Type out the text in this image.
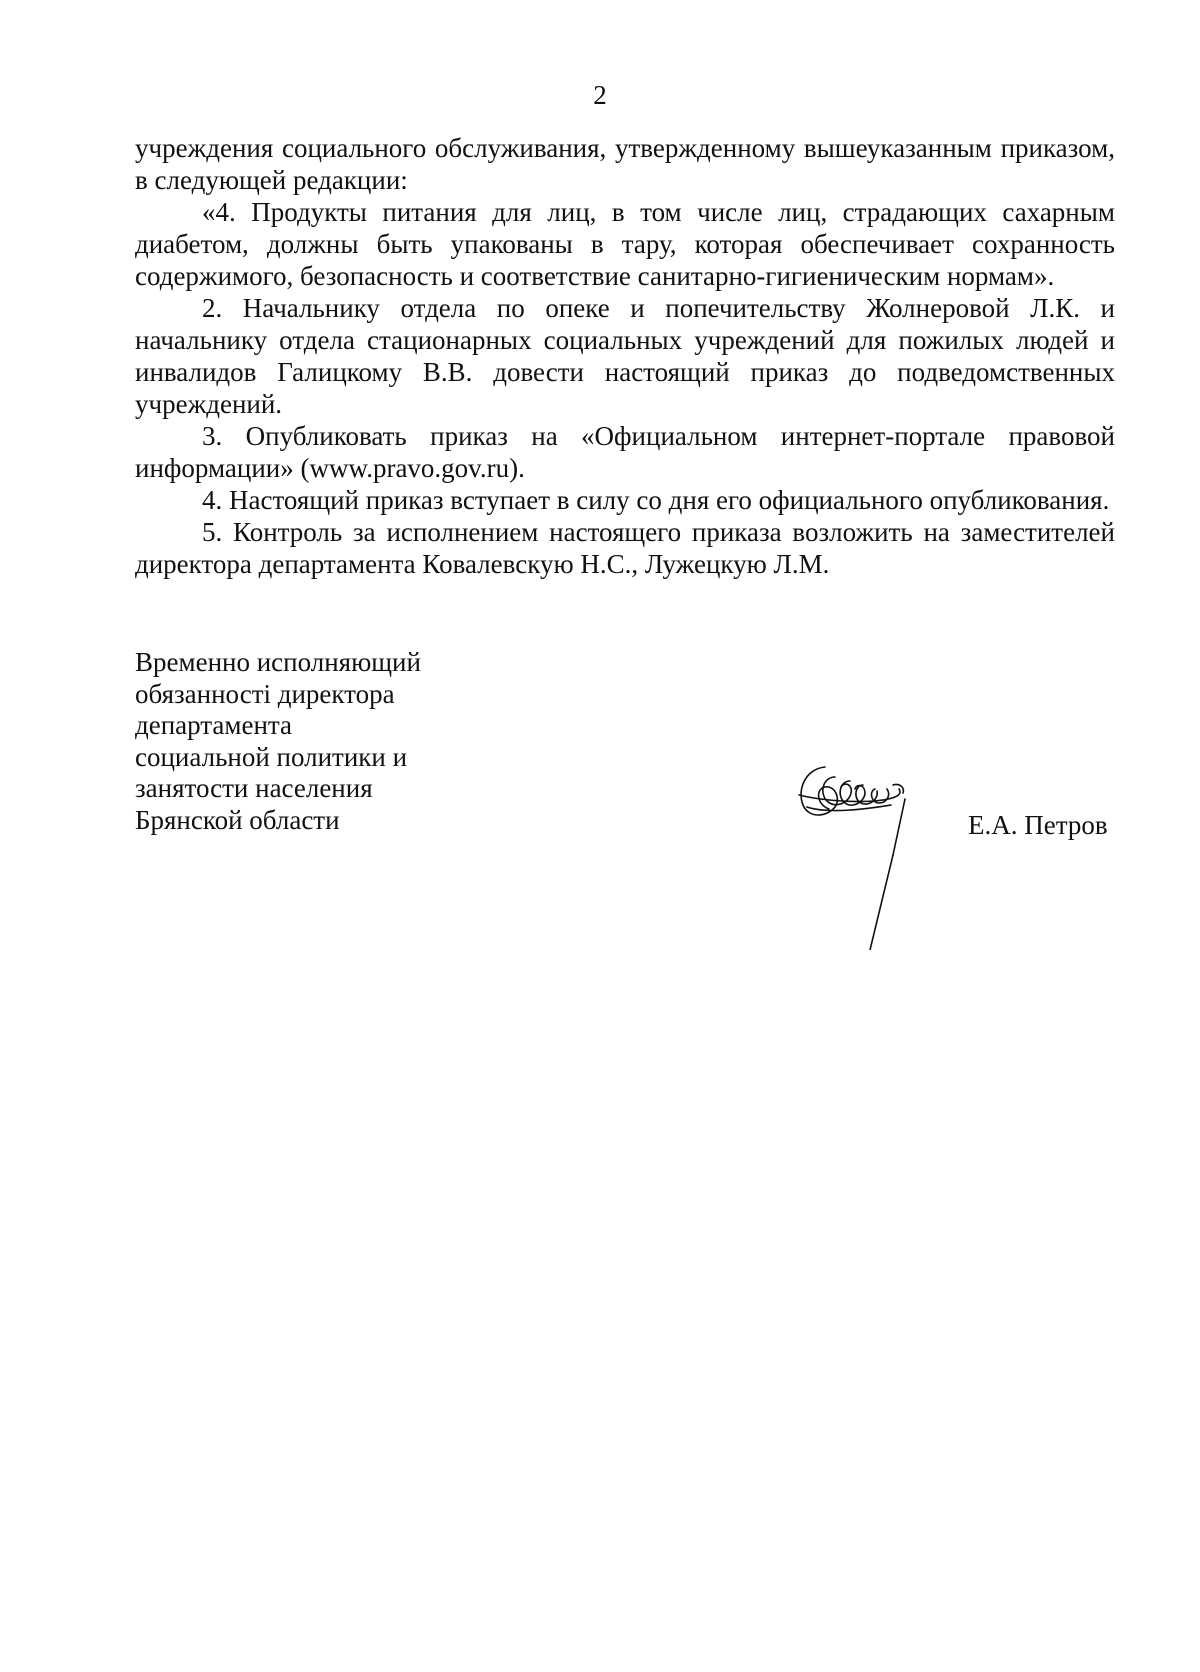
2

учреждения социального обслуживания, утвержденному вышеуказанным приказом, в следующей редакции:

«4. Продукты питания для лиц, в том числе лиц, страдающих сахарным диабетом, должны быть упакованы в тару, которая обеспечивает сохранность содержимого, безопасность и соответствие санитарно-гигиеническим нормам».

2. Начальнику отдела по опеке и попечительству Жолнеровой Л.К. и начальнику отдела стационарных социальных учреждений для пожилых людей и инвалидов Галицкому В.В. довести настоящий приказ до подведомственных учреждений.

3. Опубликовать приказ на «Официальном интернет-портале правовой информации» (www.pravo.gov.ru).

4. Настоящий приказ вступает в силу со дня его официального опубликования.

5. Контроль за исполнением настоящего приказа возложить на заместителей директора департамента Ковалевскую Н.С., Лужецкую Л.М.

Временно исполняющий
обязанностi директора
департамента
социальной политики и
занятости населения
Брянской области	Е.А. Петров
